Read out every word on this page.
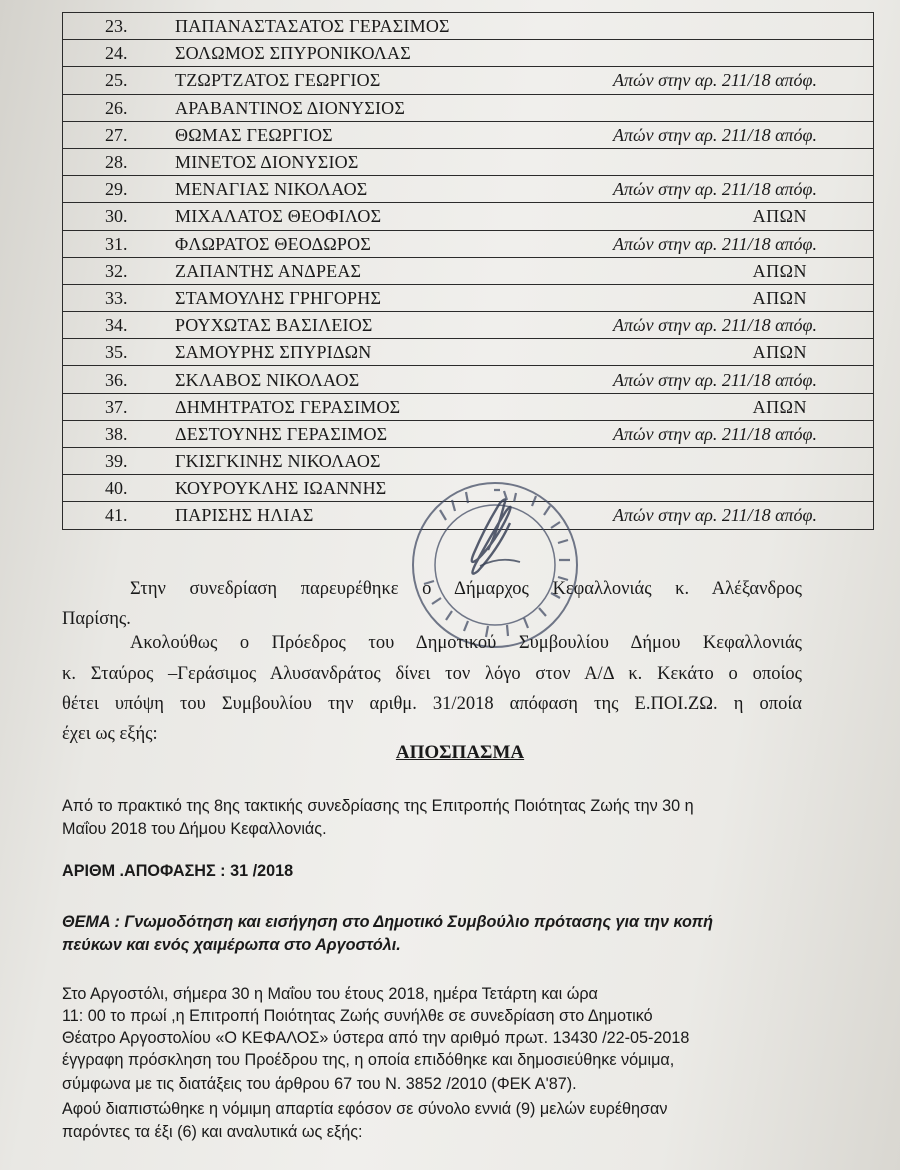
23.	ΠΑΠΑΝΑΣΤΑΣΑΤΟΣ ΓΕΡΑΣΙΜΟΣ	
24.	ΣΟΛΩΜΟΣ ΣΠΥΡΟΝΙΚΟΛΑΣ	
25.	ΤΖΩΡΤΖΑΤΟΣ ΓΕΩΡΓΙΟΣ	Απών στην αρ. 211/18 απόφ.
26.	ΑΡΑΒΑΝΤΙΝΟΣ ΔΙΟΝΥΣΙΟΣ	
27.	ΘΩΜΑΣ ΓΕΩΡΓΙΟΣ	Απών στην αρ. 211/18 απόφ.
28.	ΜΙΝΕΤΟΣ ΔΙΟΝΥΣΙΟΣ	
29.	ΜΕΝΑΓΙΑΣ ΝΙΚΟΛΑΟΣ	Απών στην αρ. 211/18 απόφ.
30.	ΜΙΧΑΛΑΤΟΣ ΘΕΟΦΙΛΟΣ	ΑΠΩΝ
31.	ΦΛΩΡΑΤΟΣ ΘΕΟΔΩΡΟΣ	Απών στην αρ. 211/18 απόφ.
32.	ΖΑΠΑΝΤΗΣ ΑΝΔΡΕΑΣ	ΑΠΩΝ
33.	ΣΤΑΜΟΥΛΗΣ ΓΡΗΓΟΡΗΣ	ΑΠΩΝ
34.	ΡΟΥΧΩΤΑΣ ΒΑΣΙΛΕΙΟΣ	Απών στην αρ. 211/18 απόφ.
35.	ΣΑΜΟΥΡΗΣ ΣΠΥΡΙΔΩΝ	ΑΠΩΝ
36.	ΣΚΛΑΒΟΣ ΝΙΚΟΛΑΟΣ	Απών στην αρ. 211/18 απόφ.
37.	ΔΗΜΗΤΡΑΤΟΣ ΓΕΡΑΣΙΜΟΣ	ΑΠΩΝ
38.	ΔΕΣΤΟΥΝΗΣ ΓΕΡΑΣΙΜΟΣ	Απών στην αρ. 211/18 απόφ.
39.	ΓΚΙΣΓΚΙΝΗΣ ΝΙΚΟΛΑΟΣ	
40.	ΚΟΥΡΟΥΚΛΗΣ ΙΩΑΝΝΗΣ	
41.	ΠΑΡΙΣΗΣ ΗΛΙΑΣ	Απών στην αρ. 211/18 απόφ.
Στην συνεδρίαση παρευρέθηκε ο Δήμαρχος Κεφαλλονιάς κ. Αλέξανδρος
Παρίσης.
Ακολούθως ο Πρόεδρος του Δημοτικού Συμβουλίου Δήμου Κεφαλλονιάς
κ. Σταύρος –Γεράσιμος Αλυσανδράτος δίνει τον λόγο στον Α/Δ κ. Κεκάτο ο οποίος
θέτει υπόψη του Συμβουλίου την αριθμ. 31/2018 απόφαση της Ε.ΠΟΙ.ΖΩ. η οποία
έχει ως εξής:
ΑΠΟΣΠΑΣΜΑ
Από το πρακτικό της 8ης τακτικής συνεδρίασης της Επιτροπής Ποιότητας Ζωής την 30 η
Μαΐου 2018 του Δήμου Κεφαλλονιάς.
ΑΡΙΘΜ .ΑΠΟΦΑΣΗΣ : 31 /2018
ΘΕΜΑ : Γνωμοδότηση και εισήγηση στο Δημοτικό Συμβούλιο πρότασης για την κοπή
πεύκων και ενός χαιμέρωπα στο Αργοστόλι.
Στο Αργοστόλι, σήμερα 30 η Μαΐου του έτους 2018, ημέρα Τετάρτη και ώρα
11: 00 το πρωί ,η Επιτροπή Ποιότητας Ζωής συνήλθε σε συνεδρίαση στο Δημοτικό
Θέατρο Αργοστολίου «Ο ΚΕΦΑΛΟΣ» ύστερα από την αριθμό πρωτ. 13430 /22-05-2018
έγγραφη πρόσκληση του Προέδρου της, η οποία επιδόθηκε και δημοσιεύθηκε νόμιμα,
σύμφωνα με τις διατάξεις του άρθρου 67 του Ν. 3852 /2010 (ΦΕΚ Α'87).
Αφού διαπιστώθηκε η νόμιμη απαρτία εφόσον σε σύνολο εννιά (9) μελών ευρέθησαν
παρόντες τα έξι (6) και αναλυτικά ως εξής:
